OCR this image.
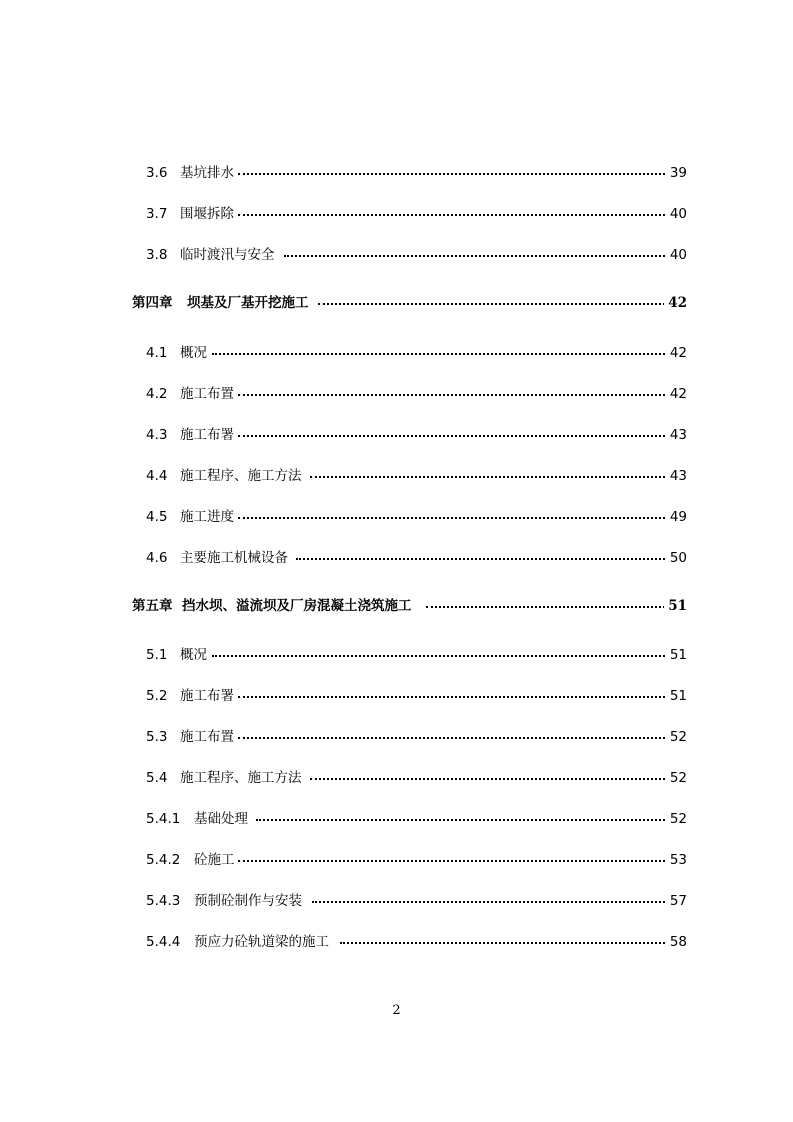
3.6 基坑排水	39
3.7 围堰拆除	40
3.8 临时渡汛与安全	40
第四章 坝基及厂基开挖施工	42
4.1 概况	42
4.2 施工布置	42
4.3 施工布署	43
4.4 施工程序、施工方法	43
4.5 施工进度	49
4.6 主要施工机械设备	50
第五章 挡水坝、溢流坝及厂房混凝土浇筑施工	51
5.1 概况	51
5.2 施工布署	51
5.3 施工布置	52
5.4 施工程序、施工方法	52
5.4.1 基础处理	52
5.4.2 砼施工	53
5.4.3 预制砼制作与安装	57
5.4.4 预应力砼轨道梁的施工	58
2
